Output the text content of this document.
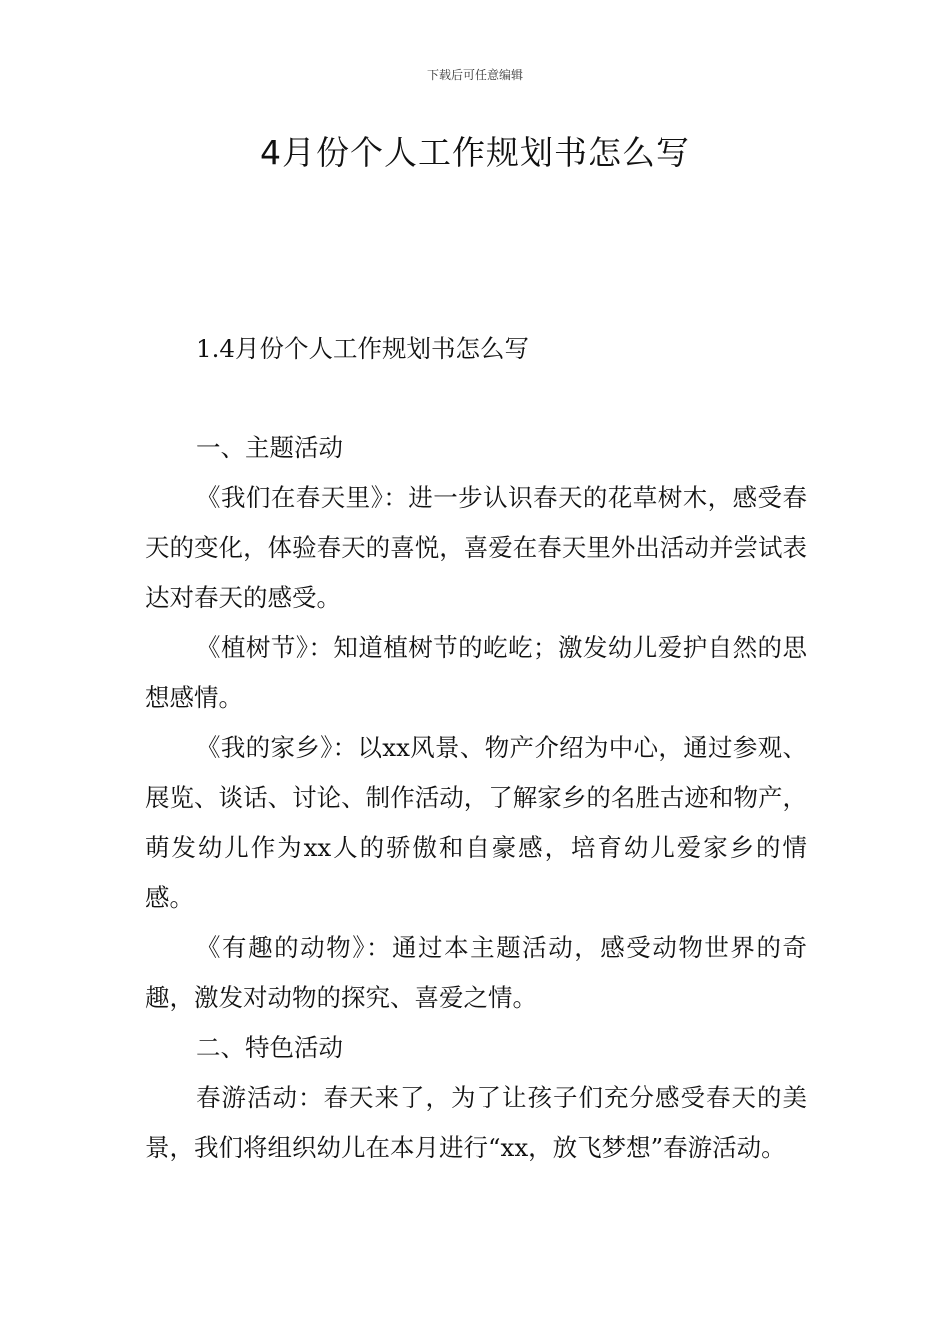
下载后可任意编辑
4月份个人工作规划书怎么写
1.4月份个人工作规划书怎么写
一、主题活动

《我们在春天里》：进一步认识春天的花草树木，感受春天的变化，体验春天的喜悦，喜爱在春天里外出活动并尝试表达对春天的感受。

《植树节》：知道植树节的屹屹；激发幼儿爱护自然的思想感情。

《我的家乡》：以xx风景、物产介绍为中心，通过参观、展览、谈话、讨论、制作活动，了解家乡的名胜古迹和物产，萌发幼儿作为xx人的骄傲和自豪感，培育幼儿爱家乡的情感。

《有趣的动物》：通过本主题活动，感受动物世界的奇趣，激发对动物的探究、喜爱之情。

二、特色活动

春游活动：春天来了，为了让孩子们充分感受春天的美景，我们将组织幼儿在本月进行“xx，放飞梦想”春游活动。
